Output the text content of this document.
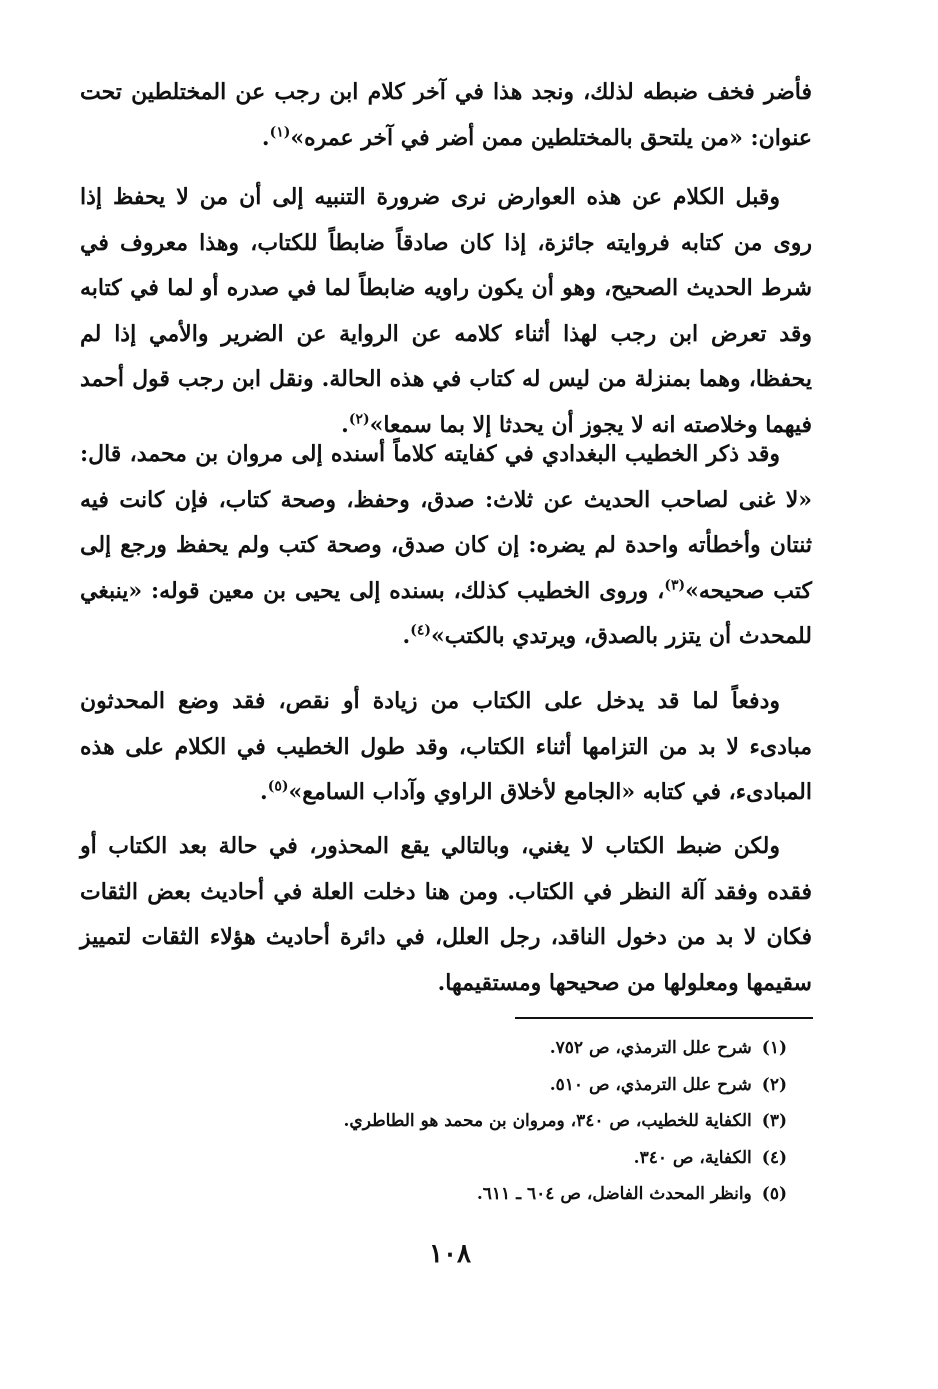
فأضر فخف ضبطه لذلك، ونجد هذا في آخر كلام ابن رجب عن المختلطين تحت عنوان: «من يلتحق بالمختلطين ممن أضر في آخر عمره»$^{(١)}$.

وقبل الكلام عن هذه العوارض نرى ضرورة التنبيه إلى أن من لا يحفظ إذا روى من كتابه فروايته جائزة، إذا كان صادقاً ضابطاً للكتاب، وهذا معروف في شرط الحديث الصحيح، وهو أن يكون راويه ضابطاً لما في صدره أو لما في كتابه وقد تعرض ابن رجب لهذا أثناء كلامه عن الرواية عن الضرير والأمي إذا لم يحفظا، وهما بمنزلة من ليس له كتاب في هذه الحالة. ونقل ابن رجب قول أحمد فيهما وخلاصته انه لا يجوز أن يحدثا إلا بما سمعا»$^{(٢)}$.

وقد ذكر الخطيب البغدادي في كفايته كلاماً أسنده إلى مروان بن محمد، قال: «لا غنى لصاحب الحديث عن ثلاث: صدق، وحفظ، وصحة كتاب، فإن كانت فيه ثنتان وأخطأته واحدة لم يضره: إن كان صدق، وصحة كتب ولم يحفظ ورجع إلى كتب صحيحه»$^{(٣)}$، وروى الخطيب كذلك، بسنده إلى يحيى بن معين قوله: «ينبغي للمحدث أن يتزر بالصدق، ويرتدي بالكتب»$^{(٤)}$.

ودفعاً لما قد يدخل على الكتاب من زيادة أو نقص، فقد وضع المحدثون مبادىء لا بد من التزامها أثناء الكتاب، وقد طول الخطيب في الكلام على هذه المبادىء، في كتابه «الجامع لأخلاق الراوي وآداب السامع»$^{(٥)}$.

ولكن ضبط الكتاب لا يغني، وبالتالي يقع المحذور، في حالة بعد الكتاب أو فقده وفقد آلة النظر في الكتاب. ومن هنا دخلت العلة في أحاديث بعض الثقات فكان لا بد من دخول الناقد، رجل العلل، في دائرة أحاديث هؤلاء الثقات لتمييز سقيمها ومعلولها من صحيحها ومستقيمها.

(١)شرح علل الترمذي، ص ٧٥٢.
(٢)شرح علل الترمذي، ص ٥١٠.
(٣)الكفاية للخطيب، ص ٣٤٠، ومروان بن محمد هو الطاطري.
(٤)الكفاية، ص ٣٤٠.
(٥)وانظر المحدث الفاضل، ص ٦٠٤ ـ ٦١١.
١٠٨
